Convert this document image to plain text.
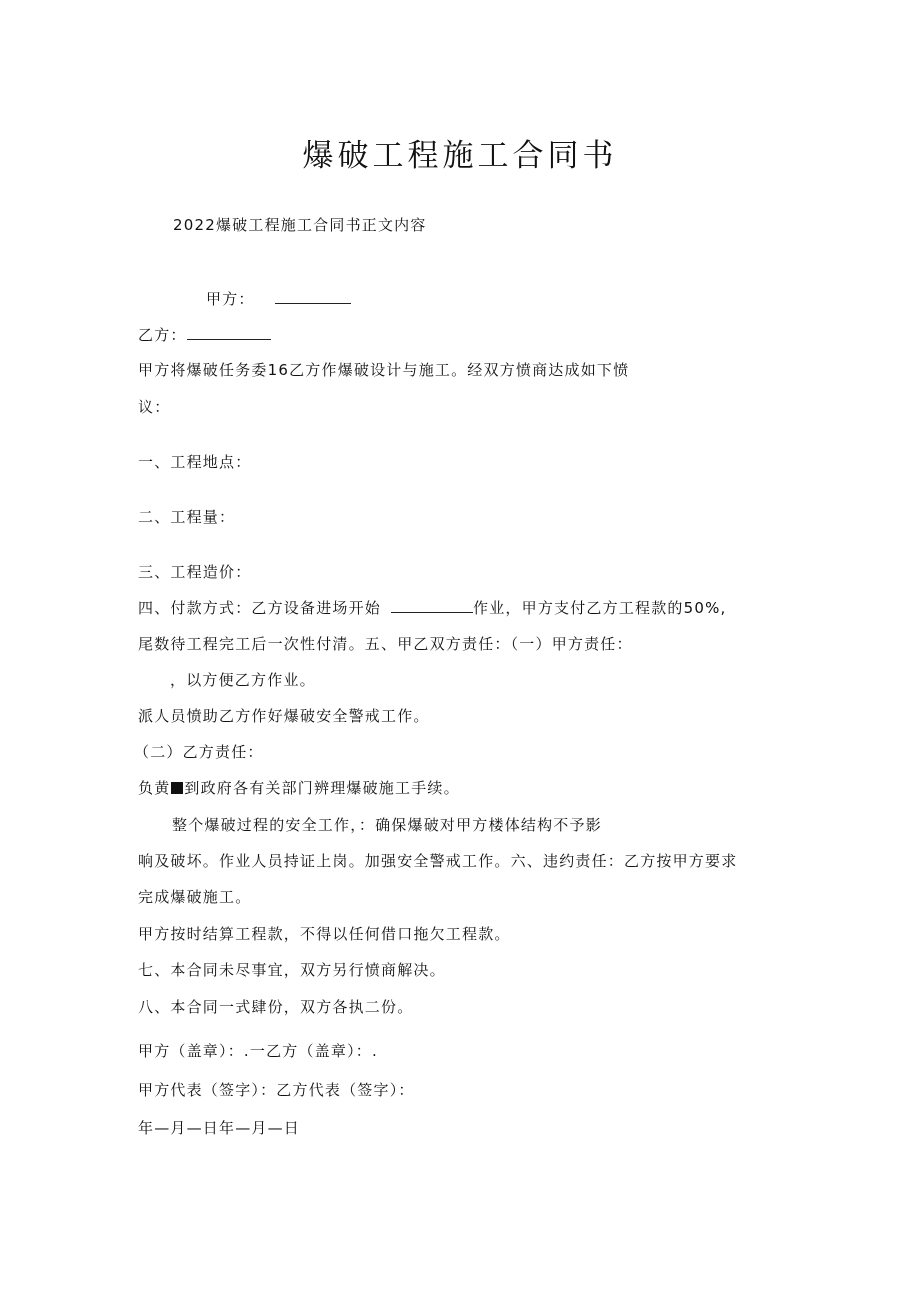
爆破工程施工合同书
2022爆破工程施工合同书正文内容
甲方：
乙方：
甲方将爆破任务委16乙方作爆破设计与施工。经双方愤商达成如下愤
议：
一、工程地点：
二、工程量：
三、工程造价：
四、付款方式：乙方设备进场开始	作业，甲方支付乙方工程款的50%,
尾数待工程完工后一次性付清。五、甲乙双方责任：（一）甲方责任：
，以方便乙方作业。
派人员愤助乙方作好爆破安全警戒工作。
（二）乙方责任：
负黄 到政府各有关部门辨理爆破施工手续。
整个爆破过程的安全工作，：确保爆破对甲方楼体结构不予影
响及破坏。作业人员持证上岗。加强安全警戒工作。六、违约责任：乙方按甲方要求
完成爆破施工。
甲方按时结算工程款，不得以任何借口拖欠工程款。
七、本合同未尽事宜，双方另行愤商解决。
八、本合同一式肆份，双方各执二份。
甲方（盖章）：.一乙方（盖章）：.
甲方代表（签字）：乙方代表（签字）：
年—月—日年—月—日
